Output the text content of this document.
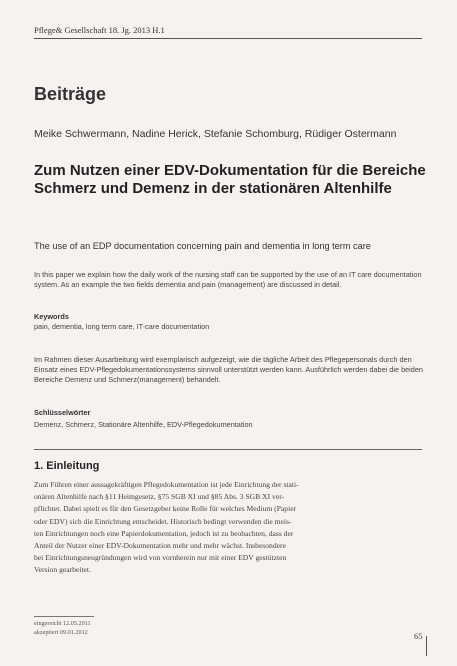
Pflege& Gesellschaft 18. Jg. 2013 H.1
Beiträge
Meike Schwermann, Nadine Herick, Stefanie Schomburg, Rüdiger Ostermann
Zum Nutzen einer EDV-Dokumentation für die Bereiche Schmerz und Demenz in der stationären Altenhilfe
The use of an EDP documentation concerning pain and dementia in long term care
In this paper we explain how the daily work of the nursing staff can be supported by the use of an IT care documentation system. As an example the two fields dementia and pain (management) are discussed in detail.
Keywords
pain, dementia, long term care, IT-care documentation
Im Rahmen dieser Ausarbeitung wird exemplarisch aufgezeigt, wie die tägliche Arbeit des Pflegepersonals durch den Einsatz eines EDV-Pflegedokumentationssystems sinnvoll unterstützt werden kann. Ausführlich werden dabei die beiden Bereiche Demenz und Schmerz(management) behandelt.
Schlüsselwörter
Demenz, Schmerz, Stationäre Altenhilfe, EDV-Pflegedokumentation
1. Einleitung
Zum Führen einer aussagekräftigen Pflegedokumentation ist jede Einrichtung der stati-
onären Altenhilfe nach §11 Heimgesetz, §75 SGB XI und §85 Abs. 3 SGB XI ver-
pflichtet. Dabei spielt es für den Gesetzgeber keine Rolle für welches Medium (Papier
oder EDV) sich die Einrichtung entscheidet. Historisch bedingt verwenden die meis-
ten Einrichtungen noch eine Papierdokumentation, jedoch ist zu beobachten, dass der
Anteil der Nutzer einer EDV-Dokumentation mehr und mehr wächst. Insbesondere
bei Einrichtungsneugründungen wird von vornherein nur mit einer EDV gestützten
Version gearbeitet.
eingereicht 12.05.2011
akzeptiert 09.01.2012	65
